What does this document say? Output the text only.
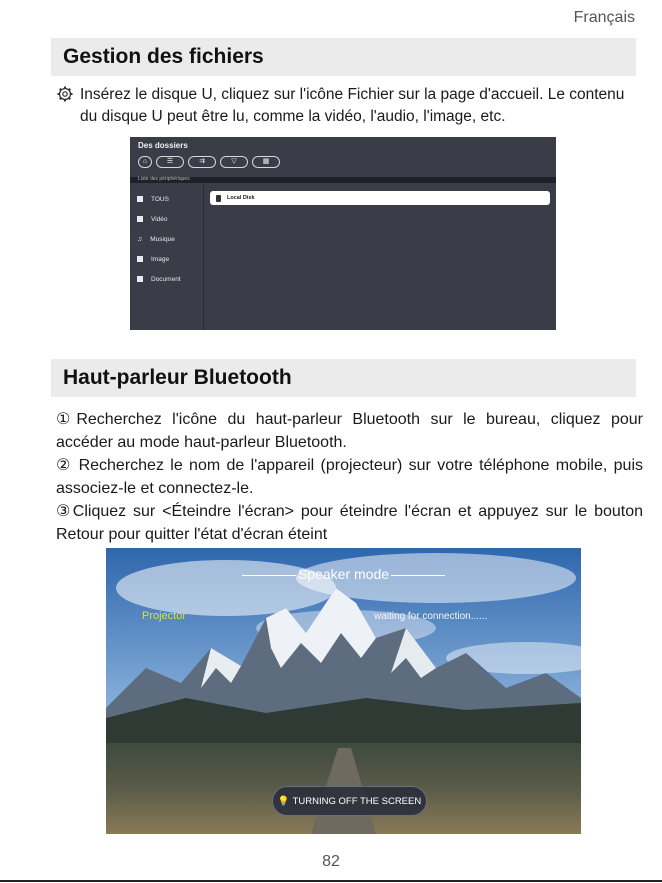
Français
Gestion des fichiers
Insérez le disque U, cliquez sur l'icône Fichier sur la page d'accueil. Le contenu du disque U peut être lu, comme la vidéo, l'audio, l'image, etc.
Des dossiers
⌂	☰	⇉	▽	▦
Liste des périphériques
TOUS
Vidéo
♫ Musique
Image
Document
Local Disk
Haut-parleur Bluetooth
①Recherchez l'icône du haut-parleur Bluetooth sur le bureau, cliquez pour accéder au mode haut-parleur Bluetooth.
② Recherchez le nom de l'appareil (projecteur) sur votre téléphone mobile, puis associez-le et connectez-le.
③Cliquez sur <Éteindre l'écran> pour éteindre l'écran et appuyez sur le bouton Retour pour quitter l'état d'écran éteint
Speaker mode
Projector	waiting for connection......
💡 TURNING OFF THE SCREEN
82
